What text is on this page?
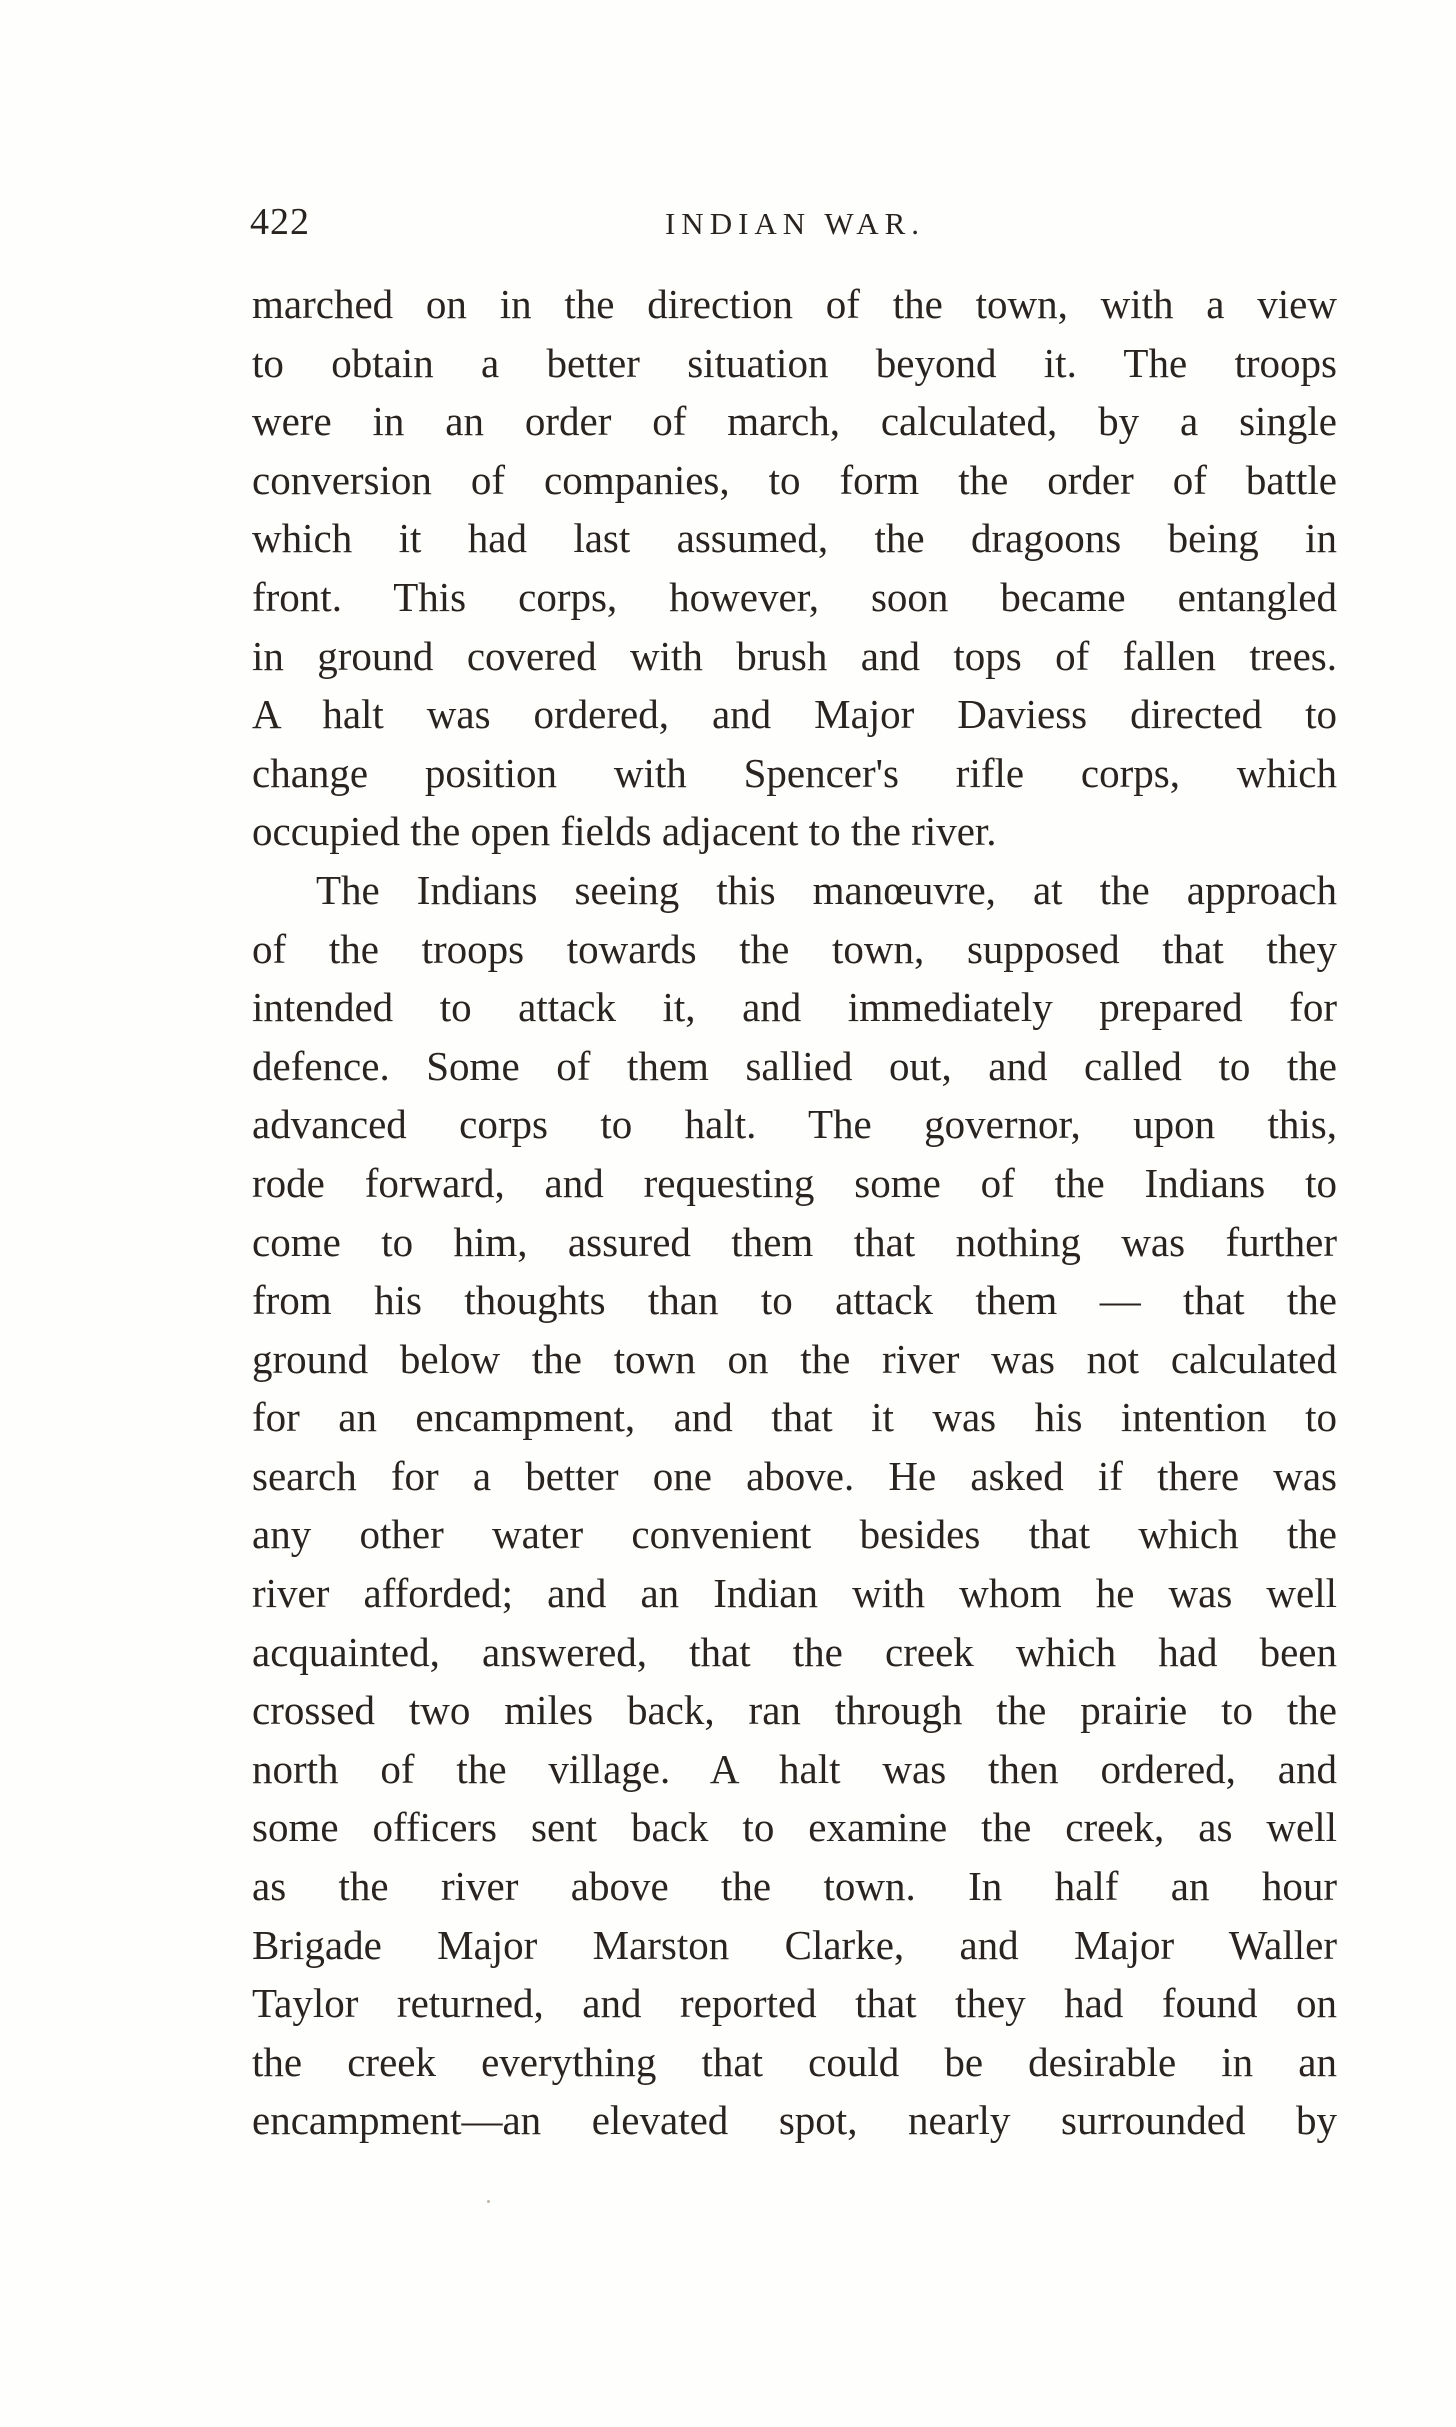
422	INDIAN WAR.
marched on in the direction of the town, with a view
to obtain a better situation beyond it. The troops
were in an order of march, calculated, by a single
conversion of companies, to form the order of battle
which it had last assumed, the dragoons being in
front. This corps, however, soon became entangled
in ground covered with brush and tops of fallen trees.
A halt was ordered, and Major Daviess directed to
change position with Spencer's rifle corps, which
occupied the open fields adjacent to the river.
The Indians seeing this manœuvre, at the approach
of the troops towards the town, supposed that they
intended to attack it, and immediately prepared for
defence. Some of them sallied out, and called to the
advanced corps to halt. The governor, upon this,
rode forward, and requesting some of the Indians to
come to him, assured them that nothing was further
from his thoughts than to attack them — that the
ground below the town on the river was not calculated
for an encampment, and that it was his intention to
search for a better one above. He asked if there was
any other water convenient besides that which the
river afforded; and an Indian with whom he was well
acquainted, answered, that the creek which had been
crossed two miles back, ran through the prairie to the
north of the village. A halt was then ordered, and
some officers sent back to examine the creek, as well
as the river above the town. In half an hour
Brigade Major Marston Clarke, and Major Waller
Taylor returned, and reported that they had found on
the creek everything that could be desirable in an
encampment—an elevated spot, nearly surrounded by
